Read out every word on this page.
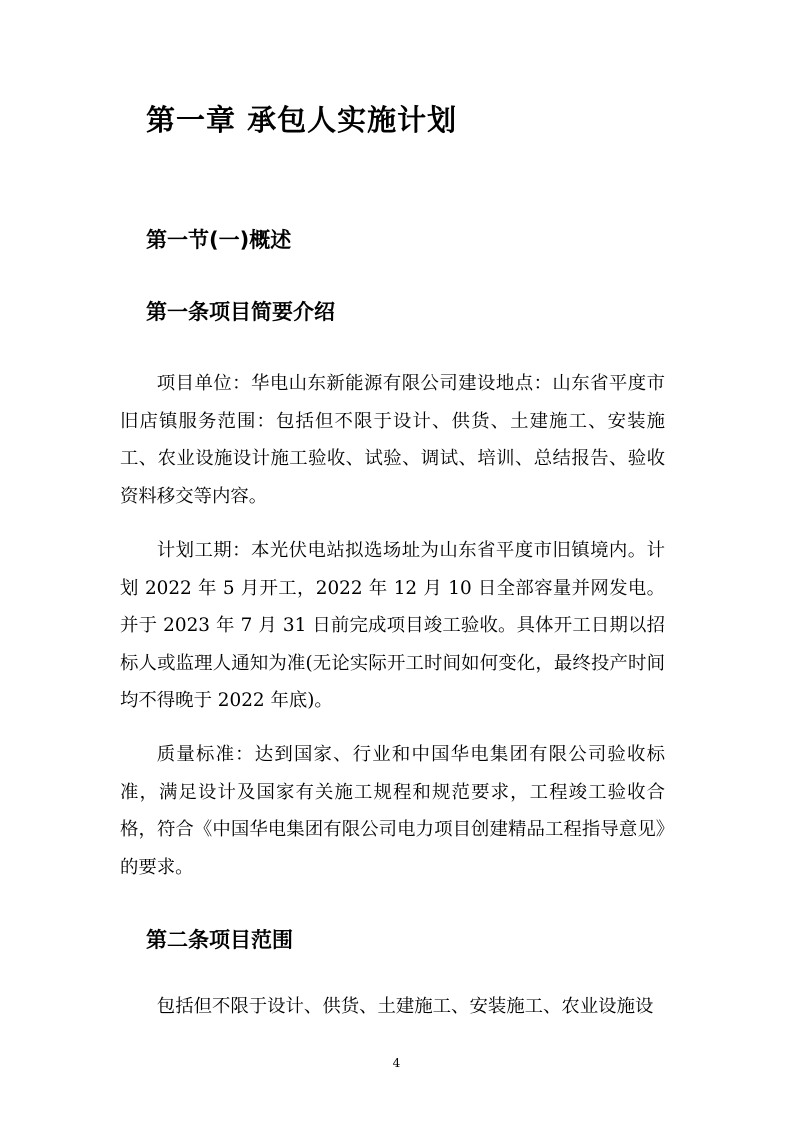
第一章 承包人实施计划
第一节(一)概述
第一条项目简要介绍

项目单位：华电山东新能源有限公司建设地点：山东省平度市旧店镇服务范围：包括但不限于设计、供货、土建施工、安装施工、农业设施设计施工验收、试验、调试、培训、总结报告、验收资料移交等内容。

计划工期：本光伏电站拟选场址为山东省平度市旧镇境内。计划 2022 年 5 月开工，2022 年 12 月 10 日全部容量并网发电。并于 2023 年 7 月 31 日前完成项目竣工验收。具体开工日期以招标人或监理人通知为准(无论实际开工时间如何变化，最终投产时间均不得晚于 2022 年底)。

质量标准：达到国家、行业和中国华电集团有限公司验收标准，满足设计及国家有关施工规程和规范要求，工程竣工验收合格，符合《中国华电集团有限公司电力项目创建精品工程指导意见》的要求。

第二条项目范围

包括但不限于设计、供货、土建施工、安装施工、农业设施设

4
